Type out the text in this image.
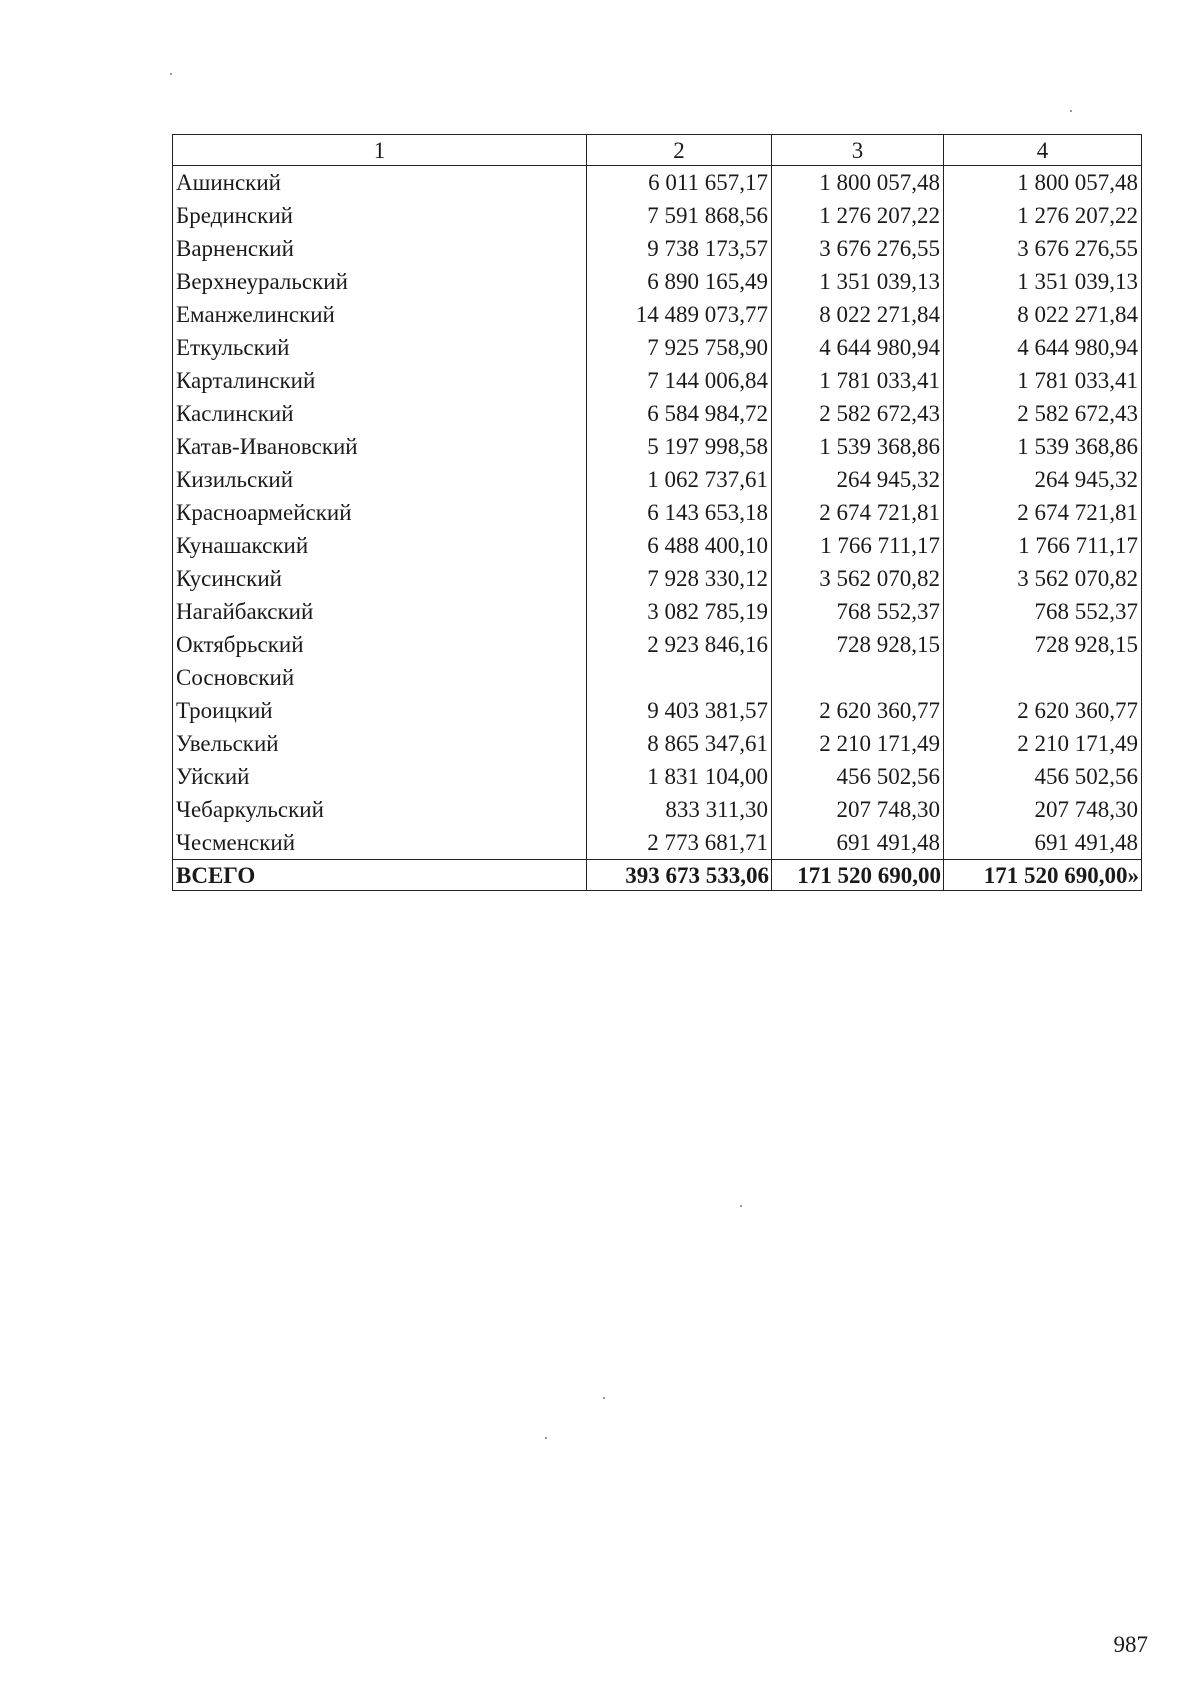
1	2	3	4
Ашинский	6 011 657,17	1 800 057,48	1 800 057,48
Брединский	7 591 868,56	1 276 207,22	1 276 207,22
Варненский	9 738 173,57	3 676 276,55	3 676 276,55
Верхнеуральский	6 890 165,49	1 351 039,13	1 351 039,13
Еманжелинский	14 489 073,77	8 022 271,84	8 022 271,84
Еткульский	7 925 758,90	4 644 980,94	4 644 980,94
Карталинский	7 144 006,84	1 781 033,41	1 781 033,41
Каслинский	6 584 984,72	2 582 672,43	2 582 672,43
Катав-Ивановский	5 197 998,58	1 539 368,86	1 539 368,86
Кизильский	1 062 737,61	264 945,32	264 945,32
Красноармейский	6 143 653,18	2 674 721,81	2 674 721,81
Кунашакский	6 488 400,10	1 766 711,17	1 766 711,17
Кусинский	7 928 330,12	3 562 070,82	3 562 070,82
Нагайбакский	3 082 785,19	768 552,37	768 552,37
Октябрьский	2 923 846,16	728 928,15	728 928,15
Сосновский			
Троицкий	9 403 381,57	2 620 360,77	2 620 360,77
Увельский	8 865 347,61	2 210 171,49	2 210 171,49
Уйский	1 831 104,00	456 502,56	456 502,56
Чебаркульский	833 311,30	207 748,30	207 748,30
Чесменский	2 773 681,71	691 491,48	691 491,48
ВСЕГО	393 673 533,06	171 520 690,00	171 520 690,00»
987
